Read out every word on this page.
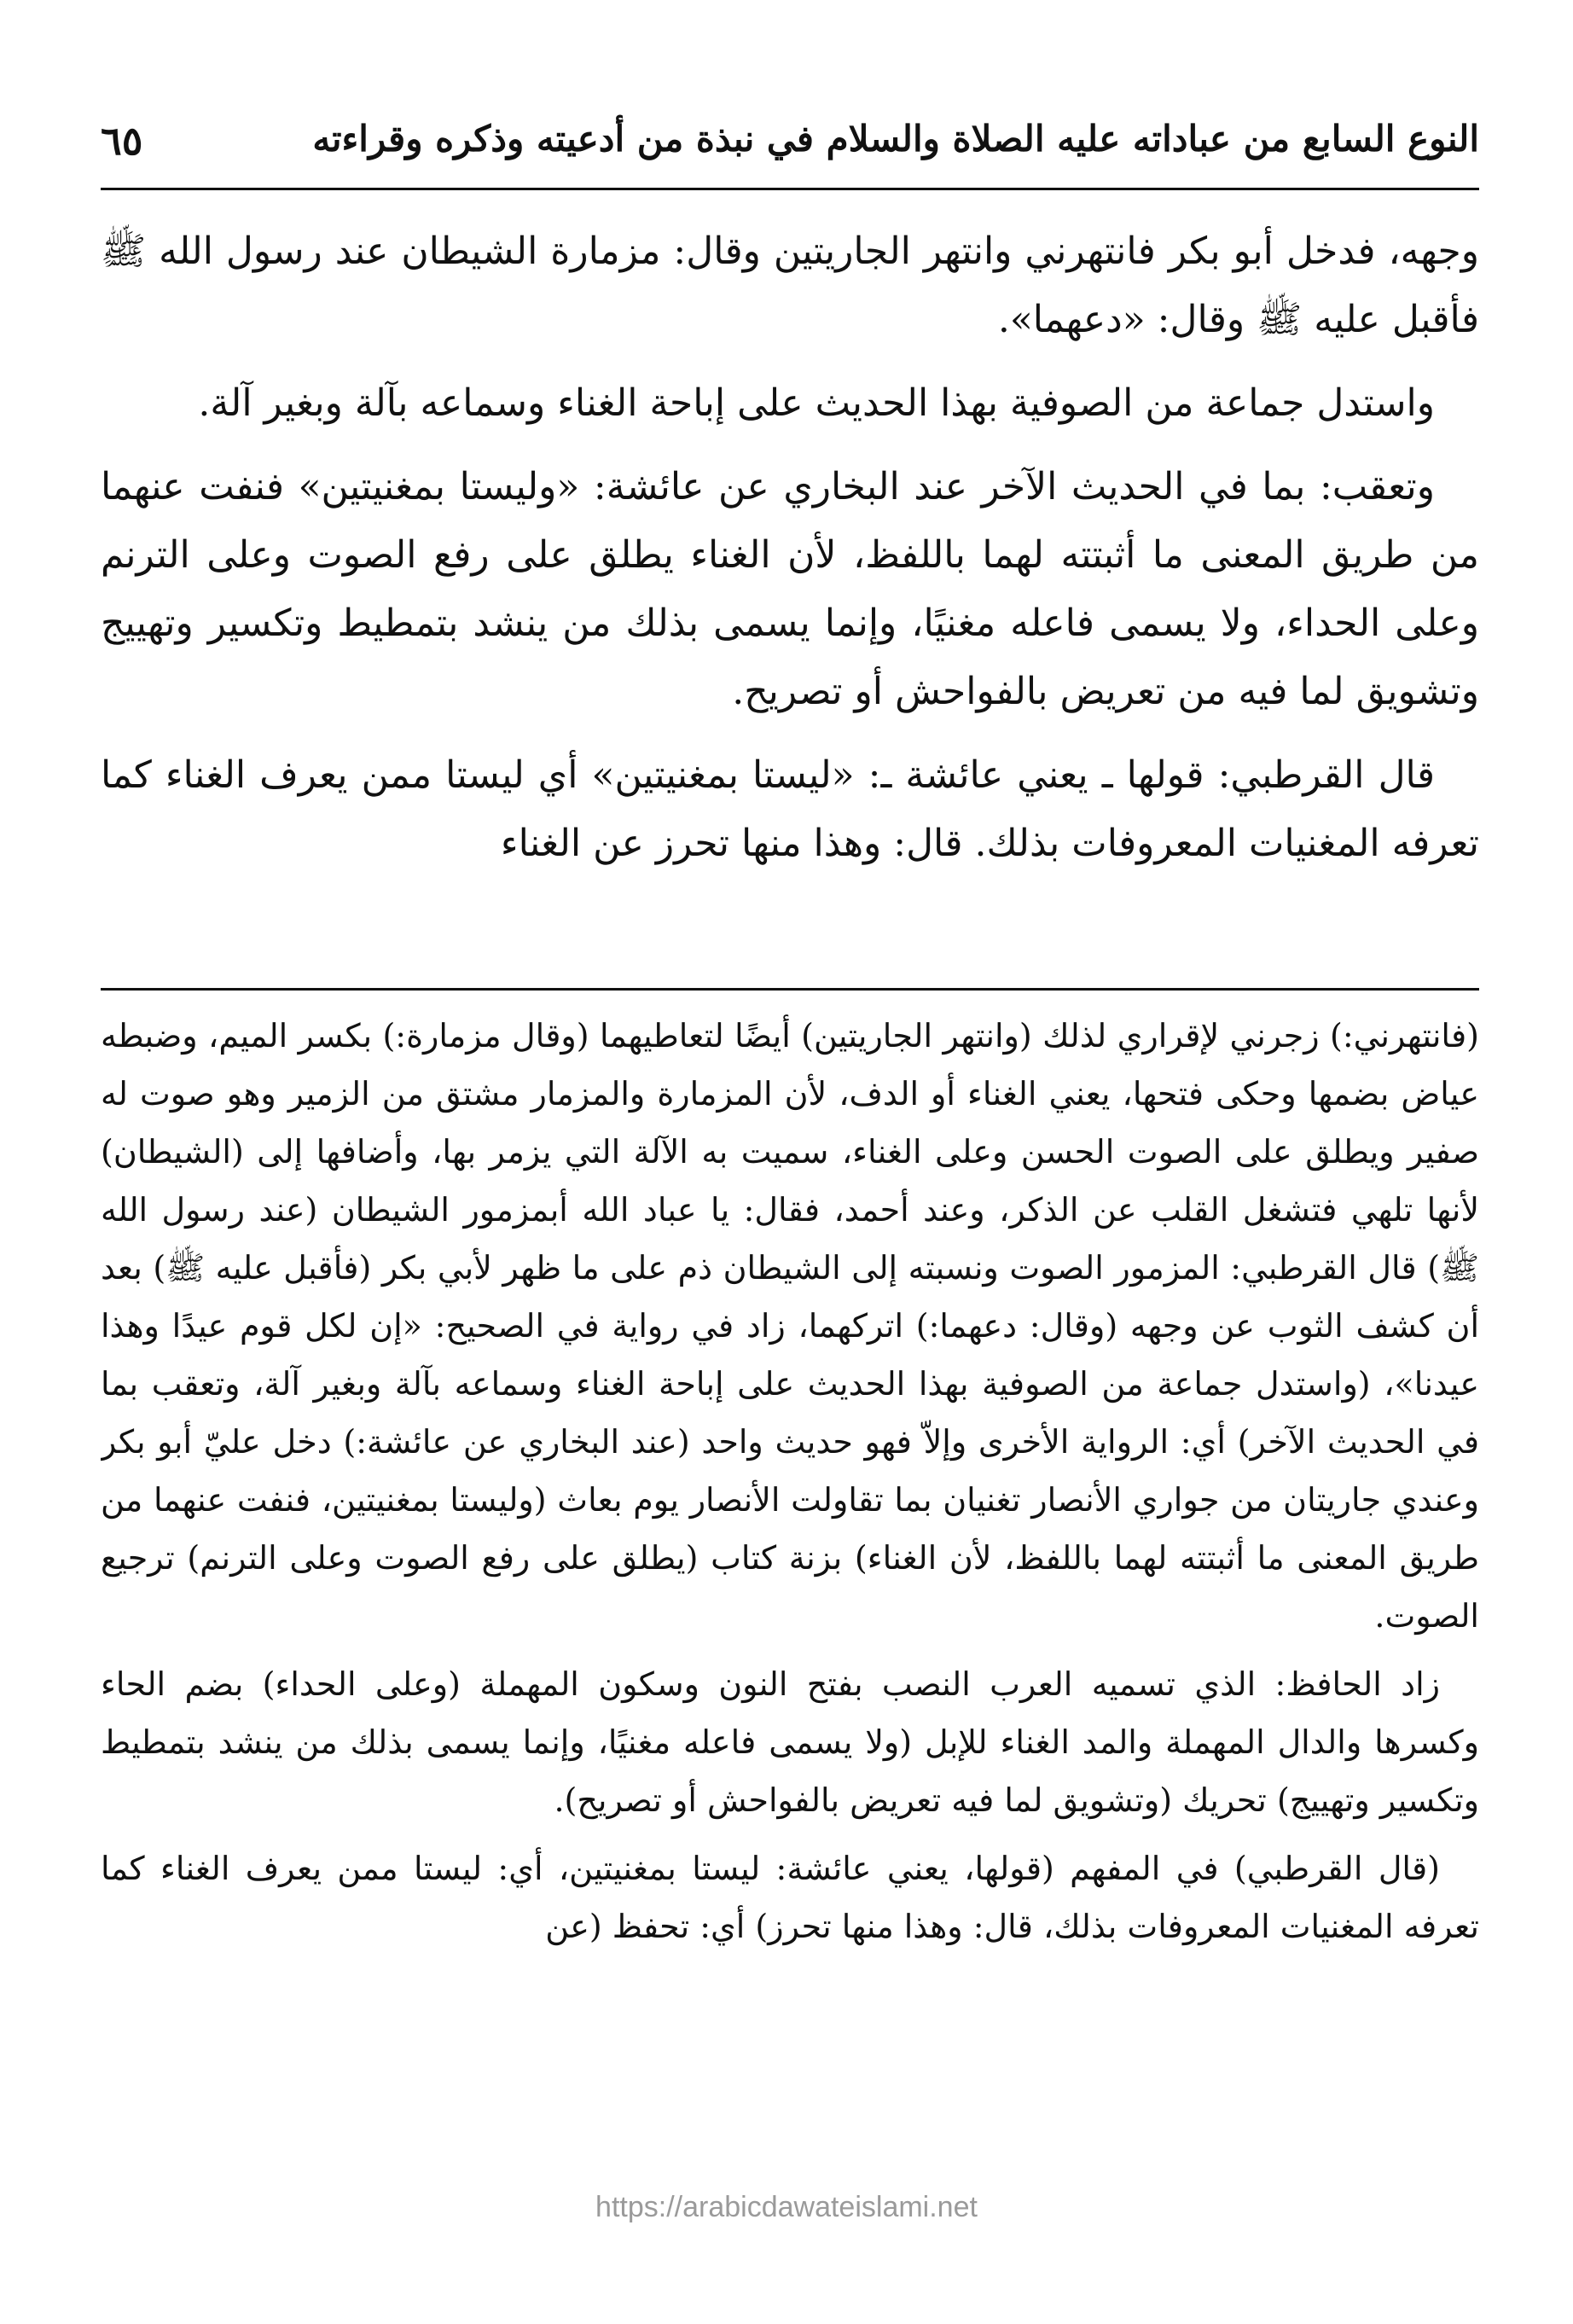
النوع السابع من عباداته عليه الصلاة والسلام في نبذة من أدعيته وذكره وقراءته
٦٥

وجهه، فدخل أبو بكر فانتهرني وانتهر الجاريتين وقال: مزمارة الشيطان عند رسول الله ﷺ فأقبل عليه ﷺ وقال: «دعهما».

واستدل جماعة من الصوفية بهذا الحديث على إباحة الغناء وسماعه بآلة وبغير آلة.

وتعقب: بما في الحديث الآخر عند البخاري عن عائشة: «وليستا بمغنيتين» فنفت عنهما من طريق المعنى ما أثبتته لهما باللفظ، لأن الغناء يطلق على رفع الصوت وعلى الترنم وعلى الحداء، ولا يسمى فاعله مغنيًا، وإنما يسمى بذلك من ينشد بتمطيط وتكسير وتهييج وتشويق لما فيه من تعريض بالفواحش أو تصريح.

قال القرطبي: قولها ـ يعني عائشة ـ: «ليستا بمغنيتين» أي ليستا ممن يعرف الغناء كما تعرفه المغنيات المعروفات بذلك. قال: وهذا منها تحرز عن الغناء

(فانتهرني:) زجرني لإقراري لذلك (وانتهر الجاريتين) أيضًا لتعاطيهما (وقال مزمارة:) بكسر الميم، وضبطه عياض بضمها وحكى فتحها، يعني الغناء أو الدف، لأن المزمارة والمزمار مشتق من الزمير وهو صوت له صفير ويطلق على الصوت الحسن وعلى الغناء، سميت به الآلة التي يزمر بها، وأضافها إلى (الشيطان) لأنها تلهي فتشغل القلب عن الذكر، وعند أحمد، فقال: يا عباد الله أبمزمور الشيطان (عند رسول الله ﷺ) قال القرطبي: المزمور الصوت ونسبته إلى الشيطان ذم على ما ظهر لأبي بكر (فأقبل عليه ﷺ) بعد أن كشف الثوب عن وجهه (وقال: دعهما:) اتركهما، زاد في رواية في الصحيح: «إن لكل قوم عيدًا وهذا عيدنا»، (واستدل جماعة من الصوفية بهذا الحديث على إباحة الغناء وسماعه بآلة وبغير آلة، وتعقب بما في الحديث الآخر) أي: الرواية الأخرى وإلاّ فهو حديث واحد (عند البخاري عن عائشة:) دخل عليّ أبو بكر وعندي جاريتان من جواري الأنصار تغنيان بما تقاولت الأنصار يوم بعاث (وليستا بمغنيتين، فنفت عنهما من طريق المعنى ما أثبتته لهما باللفظ، لأن الغناء) بزنة كتاب (يطلق على رفع الصوت وعلى الترنم) ترجيع الصوت.

زاد الحافظ: الذي تسميه العرب النصب بفتح النون وسكون المهملة (وعلى الحداء) بضم الحاء وكسرها والدال المهملة والمد الغناء للإبل (ولا يسمى فاعله مغنيًا، وإنما يسمى بذلك من ينشد بتمطيط وتكسير وتهييج) تحريك (وتشويق لما فيه تعريض بالفواحش أو تصريح).

(قال القرطبي) في المفهم (قولها، يعني عائشة: ليستا بمغنيتين، أي: ليستا ممن يعرف الغناء كما تعرفه المغنيات المعروفات بذلك، قال: وهذا منها تحرز) أي: تحفظ (عن

https://arabicdawateislami.net
